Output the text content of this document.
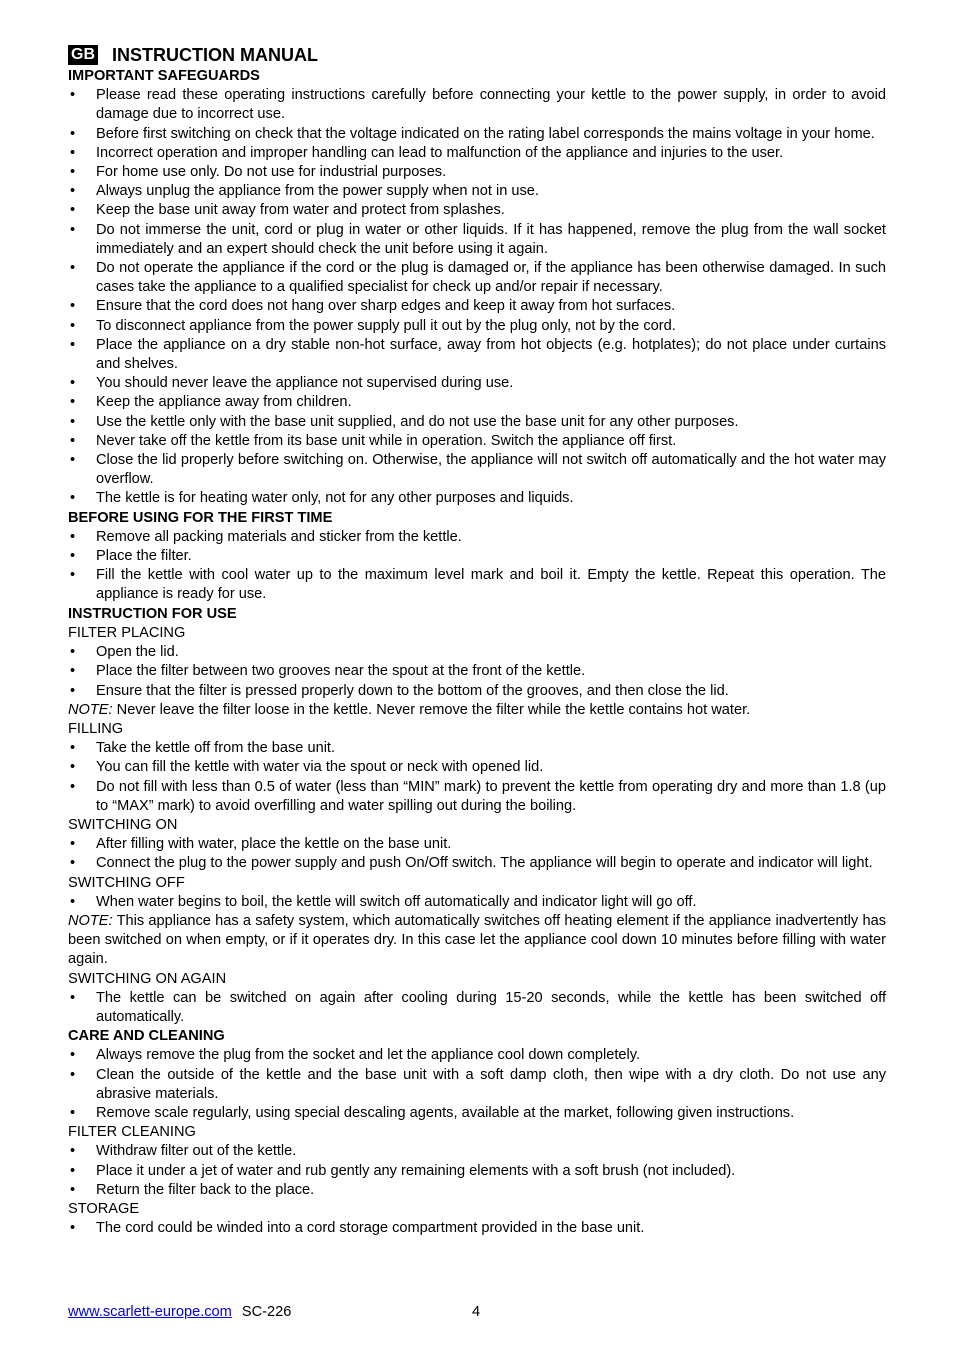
GB INSTRUCTION MANUAL
IMPORTANT SAFEGUARDS
•	Please read these operating instructions carefully before connecting your kettle to the power supply, in order to avoid damage due to incorrect use.
•	Before first switching on check that the voltage indicated on the rating label corresponds the mains voltage in your home.
•	Incorrect operation and improper handling can lead to malfunction of the appliance and injuries to the user.
•	For home use only. Do not use for industrial purposes.
•	Always unplug the appliance from the power supply when not in use.
•	Keep the base unit away from water and protect from splashes.
•	Do not immerse the unit, cord or plug in water or other liquids. If it has happened, remove the plug from the wall socket immediately and an expert should check the unit before using it again.
•	Do not operate the appliance if the cord or the plug is damaged or, if the appliance has been otherwise damaged. In such cases take the appliance to a qualified specialist for check up and/or repair if necessary.
•	Ensure that the cord does not hang over sharp edges and keep it away from hot surfaces.
•	To disconnect appliance from the power supply pull it out by the plug only, not by the cord.
•	Place the appliance on a dry stable non-hot surface, away from hot objects (e.g. hotplates); do not place under curtains and shelves.
•	You should never leave the appliance not supervised during use.
•	Keep the appliance away from children.
•	Use the kettle only with the base unit supplied, and do not use the base unit for any other purposes.
•	Never take off the kettle from its base unit while in operation. Switch the appliance off first.
•	Close the lid properly before switching on. Otherwise, the appliance will not switch off automatically and the hot water may overflow.
•	The kettle is for heating water only, not for any other purposes and liquids.
BEFORE USING FOR THE FIRST TIME
•	Remove all packing materials and sticker from the kettle.
•	Place the filter.
•	Fill the kettle with cool water up to the maximum level mark and boil it. Empty the kettle. Repeat this operation. The appliance is ready for use.
INSTRUCTION FOR USE
FILTER PLACING
•	Open the lid.
•	Place the filter between two grooves near the spout at the front of the kettle.
•	Ensure that the filter is pressed properly down to the bottom of the grooves, and then close the lid.
NOTE: Never leave the filter loose in the kettle. Never remove the filter while the kettle contains hot water.
FILLING
•	Take the kettle off from the base unit.
•	You can fill the kettle with water via the spout or neck with opened lid.
•	Do not fill with less than 0.5 of water (less than “MIN” mark) to prevent the kettle from operating dry and more than 1.8 (up to “MAX” mark) to avoid overfilling and water spilling out during the boiling.
SWITCHING ON
•	After filling with water, place the kettle on the base unit.
•	Connect the plug to the power supply and push On/Off switch. The appliance will begin to operate and indicator will light.
SWITCHING OFF
•	When water begins to boil, the kettle will switch off automatically and indicator light will go off.
NOTE: This appliance has a safety system, which automatically switches off heating element if the appliance inadvertently has been switched on when empty, or if it operates dry. In this case let the appliance cool down 10 minutes before filling with water again.
SWITCHING ON AGAIN
•	The kettle can be switched on again after cooling during 15-20 seconds, while the kettle has been switched off automatically.
CARE AND CLEANING
•	Always remove the plug from the socket and let the appliance cool down completely.
•	Clean the outside of the kettle and the base unit with a soft damp cloth, then wipe with a dry cloth. Do not use any abrasive materials.
•	Remove scale regularly, using special descaling agents, available at the market, following given instructions.
FILTER CLEANING
•	Withdraw filter out of the kettle.
•	Place it under a jet of water and rub gently any remaining elements with a soft brush (not included).
•	Return the filter back to the place.
STORAGE
•	The cord could be winded into a cord storage compartment provided in the base unit.
www.scarlett-europe.com SC-226	4
